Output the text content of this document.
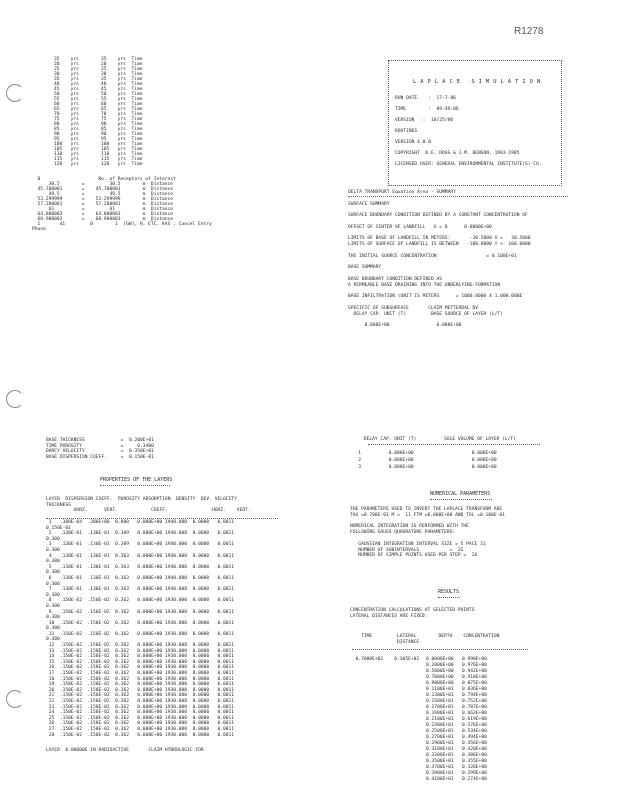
R1278
35    yrs        35    yrs  Time
20    yrs        20    yrs  Time
25    yrs        25    yrs  Time
30    yrs        30    yrs  Time
35    yrs        35    yrs  Time
40    yrs        40    yrs  Time
45    yrs        45    yrs  Time
50    yrs        50    yrs  Time
55    yrs        55    yrs  Time
60    yrs        60    yrs  Time
65    yrs        65    yrs  Time
70    yrs        70    yrs  Time
75    yrs        75    yrs  Time
80    yrs        80    yrs  Time
85    yrs        85    yrs  Time
90    yrs        90    yrs  Time
95    yrs        95    yrs  Time
100   yrs        100   yrs  Time
105   yrs        105   yrs  Time
110   yrs        110   yrs  Time
115   yrs        115   yrs  Time
120   yrs        120   yrs  Time
0                     No. of Receptors of Interest
30.5        =         30.5        m  Distance
45.700001       =    45.700001        m  Distance
49.5        =         49.5        m  Distance
53.299999       =    53.299999        m  Distance
57.200001       =    57.200001        m  Distance
61          =         61          m  Distance
64.800003       =    64.800003        m  Distance
68.900003       =    68.900003        m  Distance
1       41         0        1  [GW], H, ETC, KAS , Cancel Entry
Phone
L A P L A C E   S I M U L A T I O N
RUN DATE    :  17-7-86
TIME        :  09:49:06
VERSION   :  10/25/80
ROUTINES
VERSION 4.0.0
COPYRIGHT  K.E. ROSS & J.M. BENSON, 1983-1985
LICENSED USER: GENERAL ENVIRONMENTAL INSTITUTE(S) CO.
DELTA TRANSPORT Equation Area - SUMMARY

SURFACE SUMMARY

SURFACE BOUNDARY CONDITION DEFINED BY A CONSTANT CONCENTRATION OF

OFFSET OF CENTER OF LANDFILL   X = 0      0.0000E+00

LIMITS OF BASE OF LANDFILL IN METERS:       -30.5000 X =   30.5000
LIMITS OF SURFACE OF LANDFILL IS BETWEEN   -100.0000 Y <  100.0000

THE INITIAL SOURCE CONCENTRATION                  = 0.100E+01

BASE SUMMARY

BASE BOUNDARY CONDITION DEFINED AS
A PERMEABLE BASE DRAINING INTO THE UNDERLYING FORMATION

BASE INFILTRATION (UNIT IS METERS      = 1000.0000 X 1.000.000E

SPECIFIC OF SUBSURFACE       CLAIM METTERDAL DV
DELAY CAP. UNIT (T)         BASE SOURCE OF LAYER (L/T)

0.000E+00                 0.000E+00
BASE THICKNESS             =  0.200E+01
TIME POROSITY              =     0.3400
DARCY VELOCITY             =  0.350E+01
BASE DISPERSION COEFF.     =  0.150E-01
PROPERTIES OF THE LAYERS
LAYER  DISPERSION COEFF.  POROSITY ADSORPTION  DENSITY  DEV. VELOCITY
THICKNESS
HORZ.      VERT.            COEFF.                HORZ.    VERT.
1   .300E-04  .300E+00  0.000   0.000E+00 1940.000  0.0000   0.0011
0.150E-01
2   .130E-01  .130E-01  0.309   0.000E+00 1940.000  0.0000   0.0011
0.300
3   .130E-01  .130E-01  0.309   0.000E+00 1940.000  0.0000   0.0011
0.300
4   .130E-01  .130E-01  0.363   0.000E+00 1940.000  0.0000   0.0011
0.300
5   .130E-01  .130E-01  0.363   0.000E+00 1940.000  0.0000   0.0011
0.300
6   .130E-01  .130E-01  0.363   0.000E+00 1940.000  0.0000   0.0011
0.300
7   .130E-01  .130E-01  0.363   0.000E+00 1940.000  0.0000   0.0011
0.300
8   .150E-02  .150E-02  0.362   0.000E+00 1930.000  0.0000   0.0011
0.300
9   .150E-02  .150E-02  0.362   0.000E+00 1930.000  0.0000   0.0011
0.300
10  .150E-02  .150E-02  0.362   0.000E+00 1930.000  0.0000   0.0011
0.300
11  .150E-02  .150E-02  0.362   0.000E+00 1930.000  0.0000   0.0011
0.300
12  .150E-02  .150E-02  0.362   0.000E+00 1930.000  0.0000   0.0011
13  .150E-02  .150E-02  0.362   0.000E+00 1930.000  0.0000   0.0011
14  .150E-02  .150E-02  0.362   0.000E+00 1930.000  0.0000   0.0011
15  .150E-02  .150E-02  0.362   0.000E+00 1930.000  0.0000   0.0011
16  .150E-02  .150E-02  0.362   0.000E+00 1930.000  0.0000   0.0011
17  .150E-02  .150E-02  0.362   0.000E+00 1930.000  0.0000   0.0011
18  .150E-02  .150E-02  0.362   0.000E+00 1930.000  0.0000   0.0011
19  .150E-02  .150E-02  0.362   0.000E+00 1930.000  0.0000   0.0011
20  .150E-02  .150E-02  0.362   0.000E+00 1930.000  0.0000   0.0011
21  .150E-02  .150E-02  0.362   0.000E+00 1930.000  0.0000   0.0011
22  .150E-02  .150E-02  0.362   0.000E+00 1930.000  0.0000   0.0011
23  .150E-02  .150E-02  0.362   0.000E+00 1930.000  0.0000   0.0011
24  .150E-02  .150E-02  0.362   0.000E+00 1930.000  0.0000   0.0011
25  .150E-02  .150E-02  0.362   0.000E+00 1930.000  0.0000   0.0011
26  .150E-02  .150E-02  0.362   0.000E+00 1930.000  0.0000   0.0011
27  .150E-02  .150E-02  0.362   0.000E+00 1930.000  0.0000   0.0011
28  .150E-02  .150E-02  0.362   0.000E+00 1930.000  0.0000   0.0011
LAYER  0.00000E 1N RADIOACTIVE       CLAIM HYDROLOGIC FOR
DELAY CAP. UNIT (T)          SOLE VOLUME OF LAYER (L/T)
1          0.000E+00                     0.000E+00
2          0.000E+00                     0.000E+00
3          0.000E+00                     0.000E+00
NUMERICAL PARAMETERS
THE PARAMETERS USED TO INVERT THE LAPLACE TRANSFORM ARE
TAU =0.788E-01 M =  11 FTM =0.000E+00 AND TOL =0.100E-01

NUMERICAL INTEGRATION IS PERFORMED WITH THE
FOLLOWING GAUSS QUADRATURE PARAMETERS:

GAUSSIAN INTEGRATION INTERVAL SIZE = 5 PACE 31
NUMBER OF SUBINTERVALS           =  32
NUMBER OF SIMPLE POINTS USED PER STEP =  26
RESULTS
CONCENTRATION CALCULATIONS AT SELECTED POINTS
LATERAL DISTANCES ARE FIXED:
TIME         LATERAL        DEPTH    CONCENTRATION
DISTANCE
0.7000E+02    0.305E+02 0.0000E+00   0.990E+00
0.2000E+00   0.976E+00
0.5000E+00   0.942E+00
0.7000E+00   0.910E+00
0.9000E+00   0.875E+00
0.1100E+01   0.836E+00
0.1300E+01   0.794E+00
0.1500E+01   0.752E+00
0.1700E+01   0.707E+00
0.1900E+01   0.663E+00
0.2100E+01   0.619E+00
0.2300E+01   0.576E+00
0.2500E+01   0.534E+00
0.2700E+01   0.494E+00
0.2900E+01   0.456E+00
0.3100E+01   0.420E+00
0.3300E+01   0.386E+00
0.3500E+01   0.355E+00
0.3700E+01   0.326E+00
0.3900E+01   0.299E+00
0.4100E+01   0.274E+00
